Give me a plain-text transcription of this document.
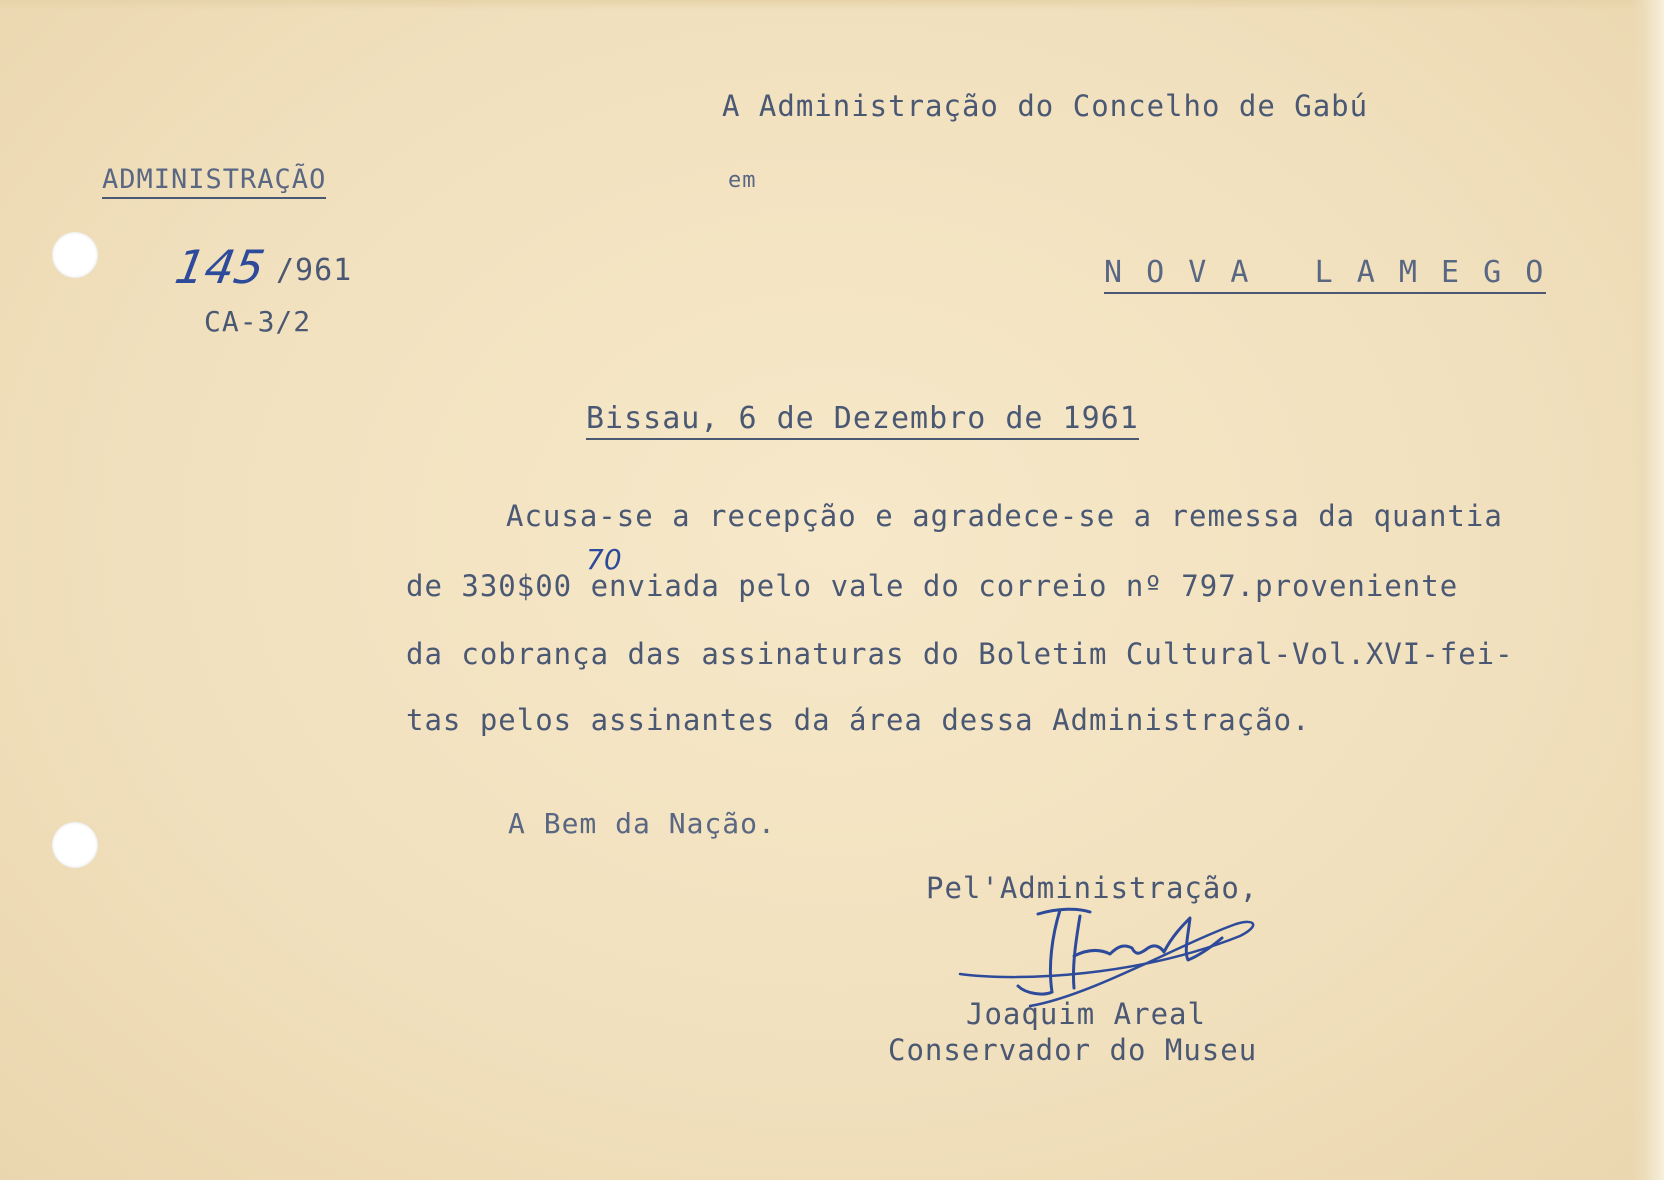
A Administração do Concelho de Gabú
em
N O V A   L A M E G O
ADMINISTRAÇÃO
145 /961
CA-3/2
Bissau, 6 de Dezembro de 1961
Acusa-se a recepção e agradece-se a remessa da quantia
de 330$00 enviada pelo vale do correio nº 797.proveniente
70
da cobrança das assinaturas do Boletim Cultural-Vol.XVI-fei-
tas pelos assinantes da área dessa Administração.
A Bem da Nação.
Pel'Administração,
Joaquim Areal
Conservador do Museu
